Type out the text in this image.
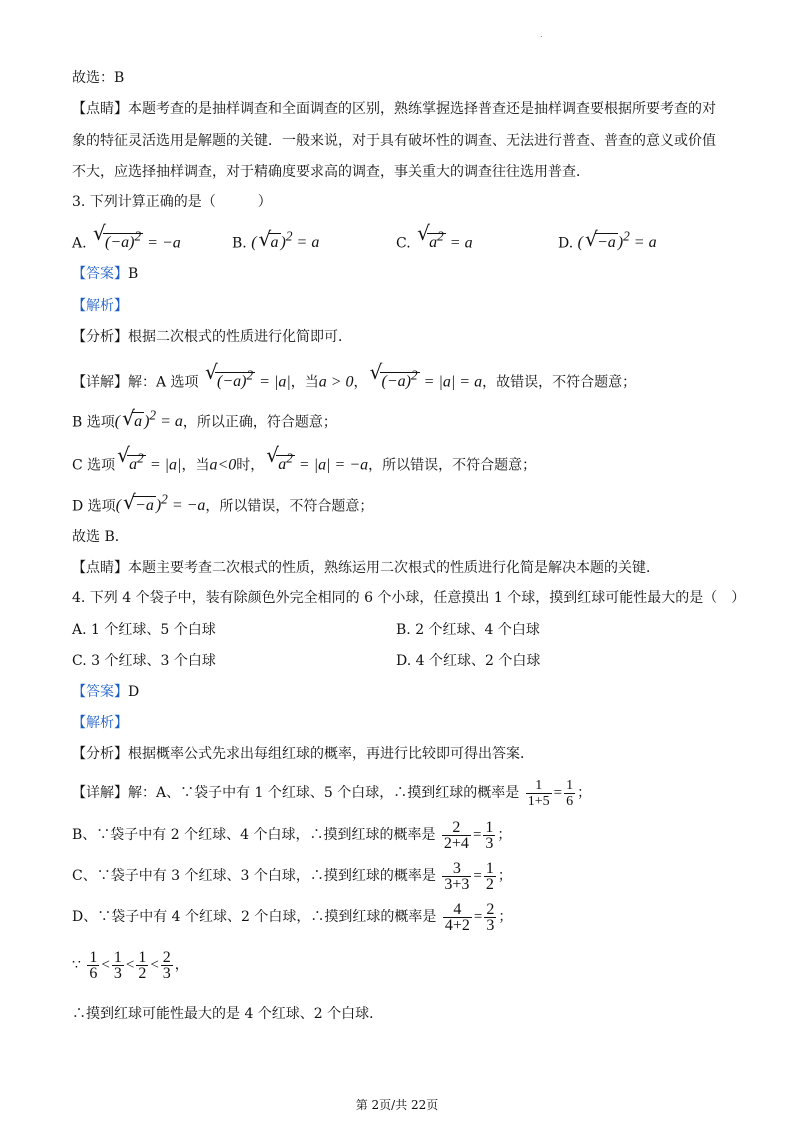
.
故选：B
【点睛】本题考查的是抽样调查和全面调查的区别，熟练掌握选择普查还是抽样调查要根据所要考查的对
象的特征灵活选用是解题的关键．一般来说，对于具有破坏性的调查、无法进行普查、普查的意义或价值
不大，应选择抽样调查，对于精确度要求高的调查，事关重大的调查往往选用普查．
3. 下列计算正确的是（　　　）
A. √ $(-a)^2 = -a$	B. ( √ a )$^2$ = a	C. √ $a^2 = a$	D. ( √ −a )$^2$ = a
【答案】B
【解析】
【分析】根据二次根式的性质进行化简即可．
【详解】解：A 选项 √ $(-a)^2 = |a|$，当a > 0， √ $(-a)^2 = |a| = a$，故错误，不符合题意；
B 选项( √ a )$^2$ = a，所以正确，符合题意；
C 选项 √ $a^2 = |a|$，当a<0时， √ $a^2 = |a| = -a$，所以错误，不符合题意；
D 选项( √ −a )$^2$ = −a，所以错误，不符合题意；
故选 B．
【点睛】本题主要考查二次根式的性质，熟练运用二次根式的性质进行化简是解决本题的关键．
4. 下列 4 个袋子中，装有除颜色外完全相同的 6 个小球，任意摸出 1 个球，摸到红球可能性最大的是（　）
A. 1 个红球、5 个白球	B. 2 个红球、4 个白球
C. 3 个红球、3 个白球	D. 4 个红球、2 个白球
【答案】D
【解析】
【分析】根据概率公式先求出每组红球的概率，再进行比较即可得出答案．
【详解】解：A、∵袋子中有 1 个红球、5 个白球，∴摸到红球的概率是 $\frac{1}{1+5} = \frac{1}{6}$ ；
B、∵袋子中有 2 个红球、4 个白球，∴摸到红球的概率是 $\frac{2}{2+4} = \frac{1}{3}$ ；
C、∵袋子中有 3 个红球、3 个白球，∴摸到红球的概率是 $\frac{3}{3+3} = \frac{1}{2}$ ；
D、∵袋子中有 4 个红球、2 个白球，∴摸到红球的概率是 $\frac{4}{4+2} = \frac{2}{3}$ ；
∵ $\frac{1}{6} < \frac{1}{3} < \frac{1}{2} < \frac{2}{3}$ ，
∴摸到红球可能性最大的是 4 个红球、2 个白球．
第 2页/共 22页
